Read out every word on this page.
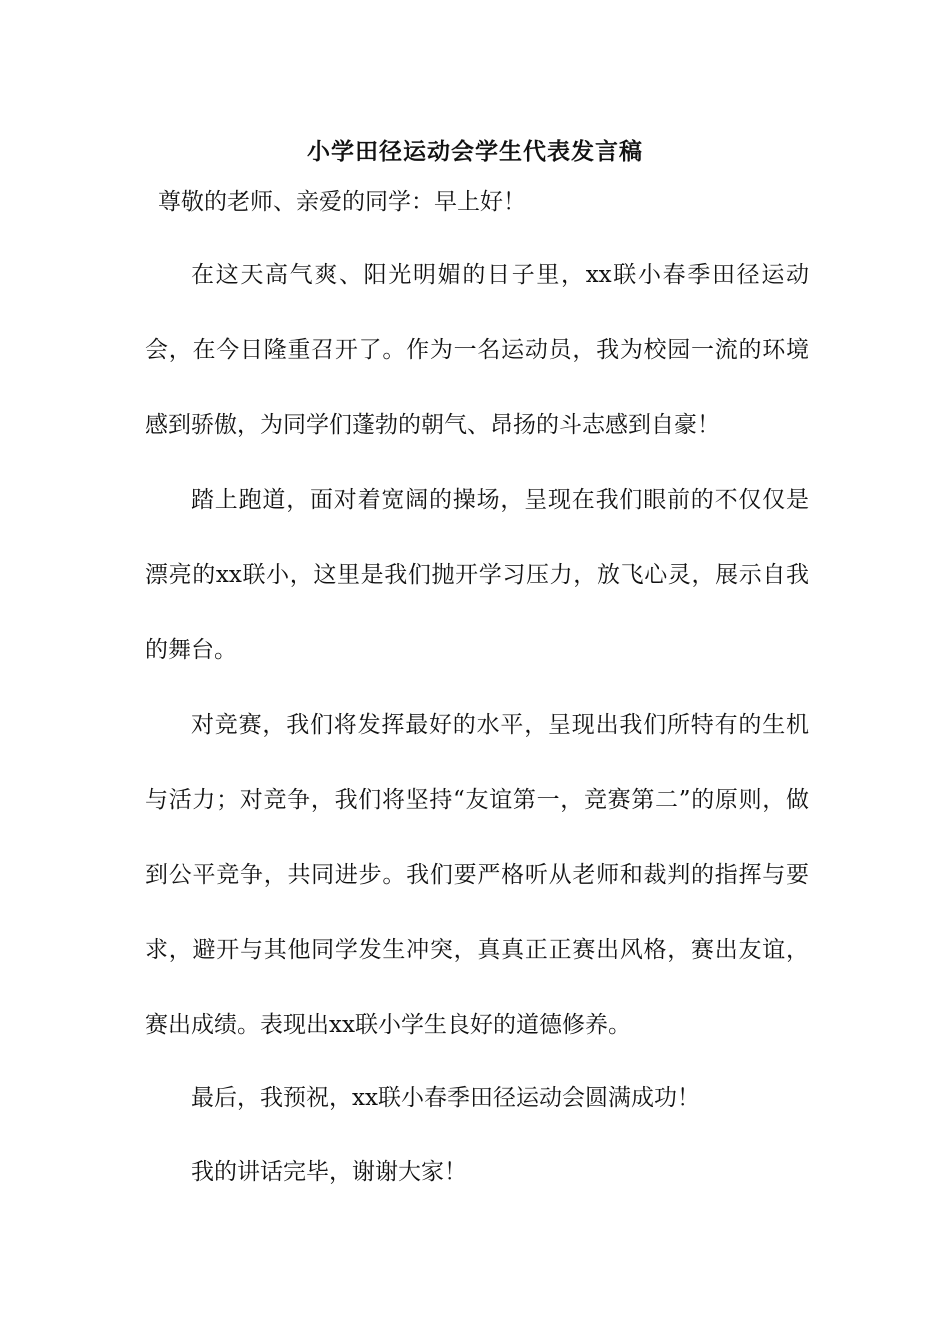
小学田径运动会学生代表发言稿
尊敬的老师、亲爱的同学：早上好！

在这天高气爽、阳光明媚的日子里，xx联小春季田径运动会，在今日隆重召开了。作为一名运动员，我为校园一流的环境感到骄傲，为同学们蓬勃的朝气、昂扬的斗志感到自豪！

踏上跑道，面对着宽阔的操场，呈现在我们眼前的不仅仅是漂亮的xx联小，这里是我们抛开学习压力，放飞心灵，展示自我的舞台。

对竞赛，我们将发挥最好的水平，呈现出我们所特有的生机与活力；对竞争，我们将坚持“友谊第一，竞赛第二”的原则，做到公平竞争，共同进步。我们要严格听从老师和裁判的指挥与要求，避开与其他同学发生冲突，真真正正赛出风格，赛出友谊，赛出成绩。表现出xx联小学生良好的道德修养。

最后，我预祝，xx联小春季田径运动会圆满成功！

我的讲话完毕，谢谢大家！
